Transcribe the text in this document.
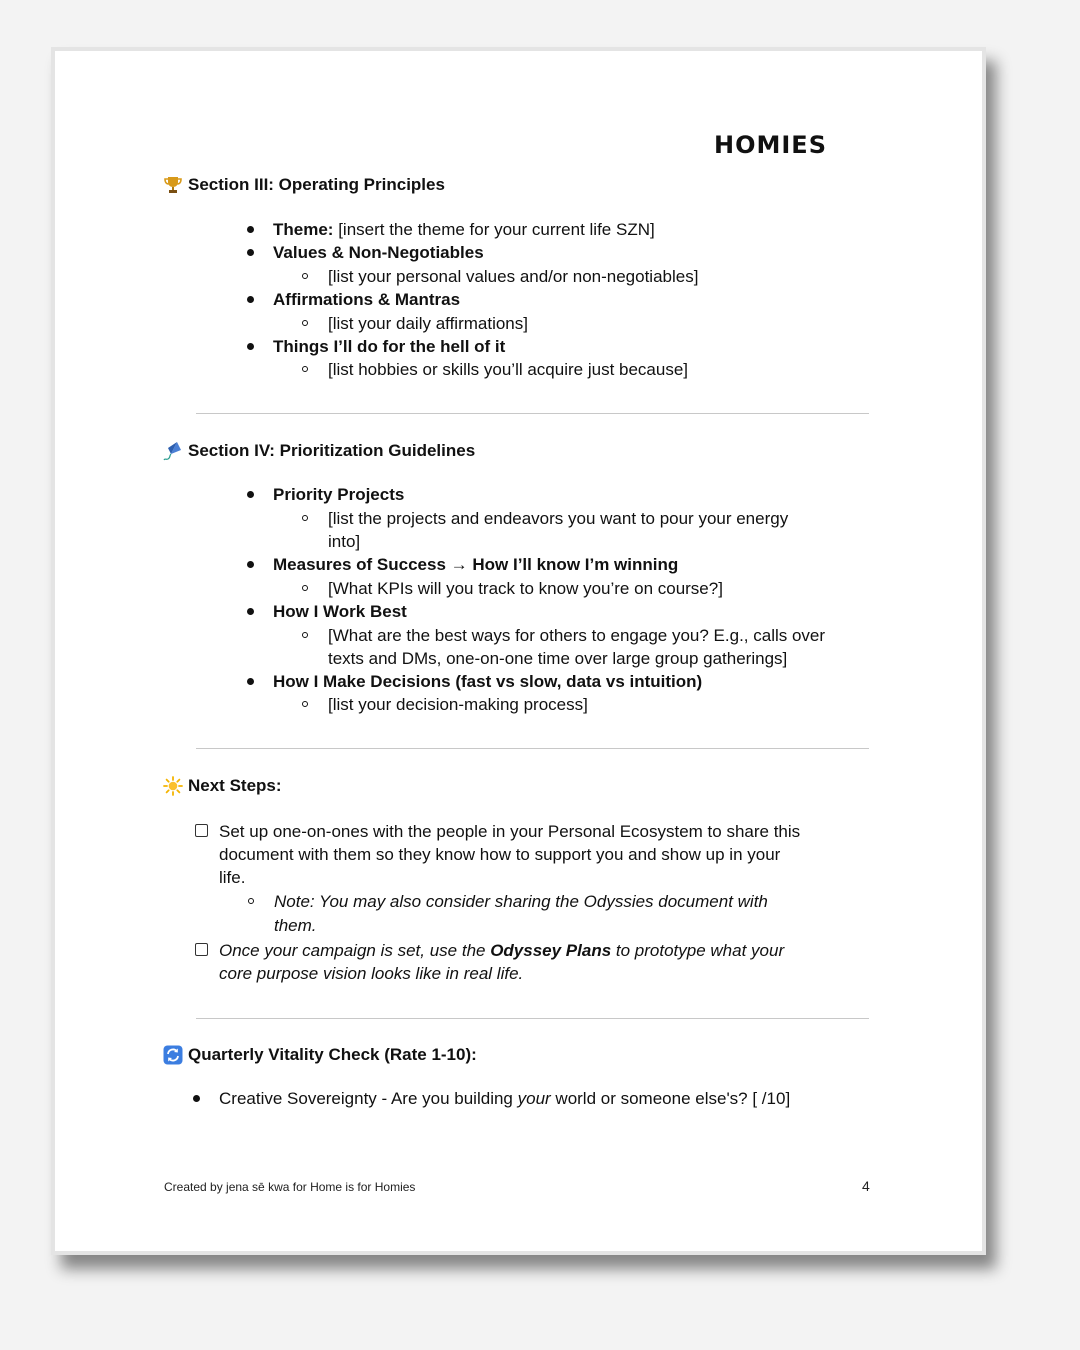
HOMIES
Section III: Operating Principles
Theme: [insert the theme for your current life SZN]
Values & Non-Negotiables
[list your personal values and/or non-negotiables]
Affirmations & Mantras
[list your daily affirmations]
Things I’ll do for the hell of it
[list hobbies or skills you’ll acquire just because]
Section IV: Prioritization Guidelines
Priority Projects
[list the projects and endeavors you want to pour your energy
into]
Measures of Success → How I’ll know I’m winning
[What KPIs will you track to know you’re on course?]
How I Work Best
[What are the best ways for others to engage you? E.g., calls over
texts and DMs, one-on-one time over large group gatherings]
How I Make Decisions (fast vs slow, data vs intuition)
[list your decision-making process]
Next Steps:
Set up one-on-ones with the people in your Personal Ecosystem to share this
document with them so they know how to support you and show up in your
life.
Note: You may also consider sharing the Odyssies document with
them.
Once your campaign is set, use the Odyssey Plans to prototype what your
core purpose vision looks like in real life.
Quarterly Vitality Check (Rate 1-10):
Creative Sovereignty - Are you building your world or someone else's? [ /10]
Created by jena sē kwa for Home is for Homies	4
